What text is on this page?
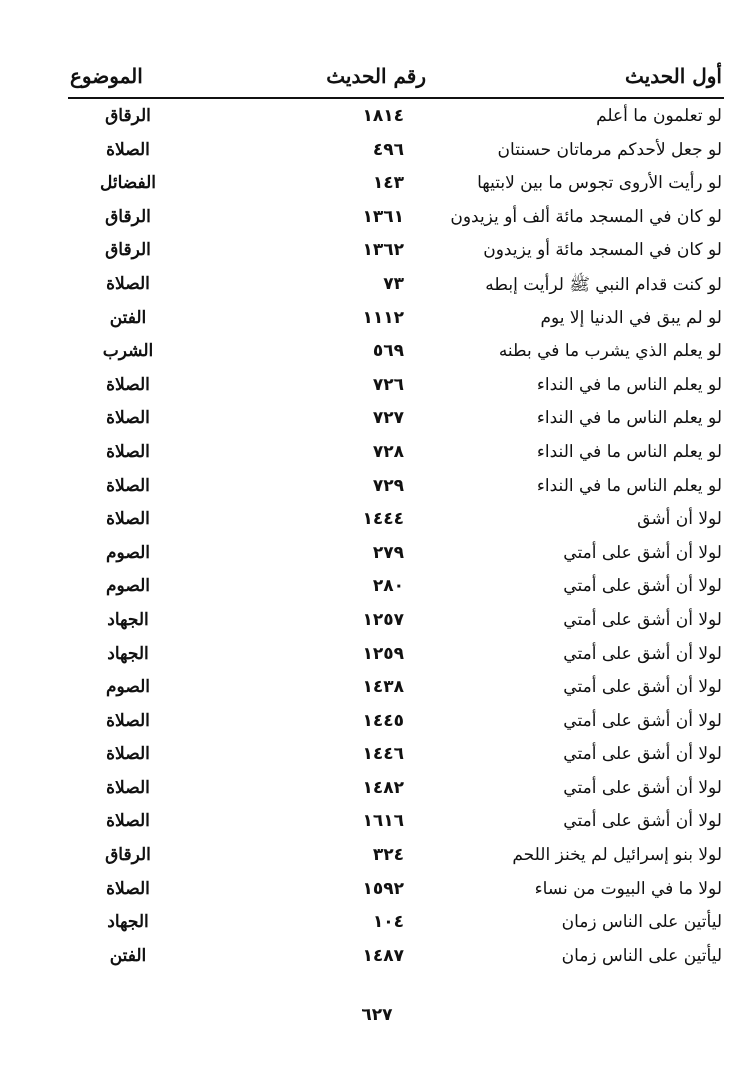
أول الحديث
رقم الحديث
الموضوع
لو تعلمون ما أعلم
١٨١٤
الرقاق
لو جعل لأحدكم مرماتان حسنتان
٤٩٦
الصلاة
لو رأيت الأروى تجوس ما بين لابتيها
١٤٣
الفضائل
لو كان في المسجد مائة ألف أو يزيدون
١٣٦١
الرقاق
لو كان في المسجد مائة أو يزيدون
١٣٦٢
الرقاق
لو كنت قدام النبي ﷺ لرأيت إبطه
٧٣
الصلاة
لو لم يبق في الدنيا إلا يوم
١١١٢
الفتن
لو يعلم الذي يشرب ما في بطنه
٥٦٩
الشرب
لو يعلم الناس ما في النداء
٧٢٦
الصلاة
لو يعلم الناس ما في النداء
٧٢٧
الصلاة
لو يعلم الناس ما في النداء
٧٢٨
الصلاة
لو يعلم الناس ما في النداء
٧٢٩
الصلاة
لولا أن أشق
١٤٤٤
الصلاة
لولا أن أشق على أمتي
٢٧٩
الصوم
لولا أن أشق على أمتي
٢٨٠
الصوم
لولا أن أشق على أمتي
١٢٥٧
الجهاد
لولا أن أشق على أمتي
١٢٥٩
الجهاد
لولا أن أشق على أمتي
١٤٣٨
الصوم
لولا أن أشق على أمتي
١٤٤٥
الصلاة
لولا أن أشق على أمتي
١٤٤٦
الصلاة
لولا أن أشق على أمتي
١٤٨٢
الصلاة
لولا أن أشق على أمتي
١٦١٦
الصلاة
لولا بنو إسرائيل لم يخنز اللحم
٣٢٤
الرقاق
لولا ما في البيوت من نساء
١٥٩٢
الصلاة
ليأتين على الناس زمان
١٠٤
الجهاد
ليأتين على الناس زمان
١٤٨٧
الفتن
٦٢٧
